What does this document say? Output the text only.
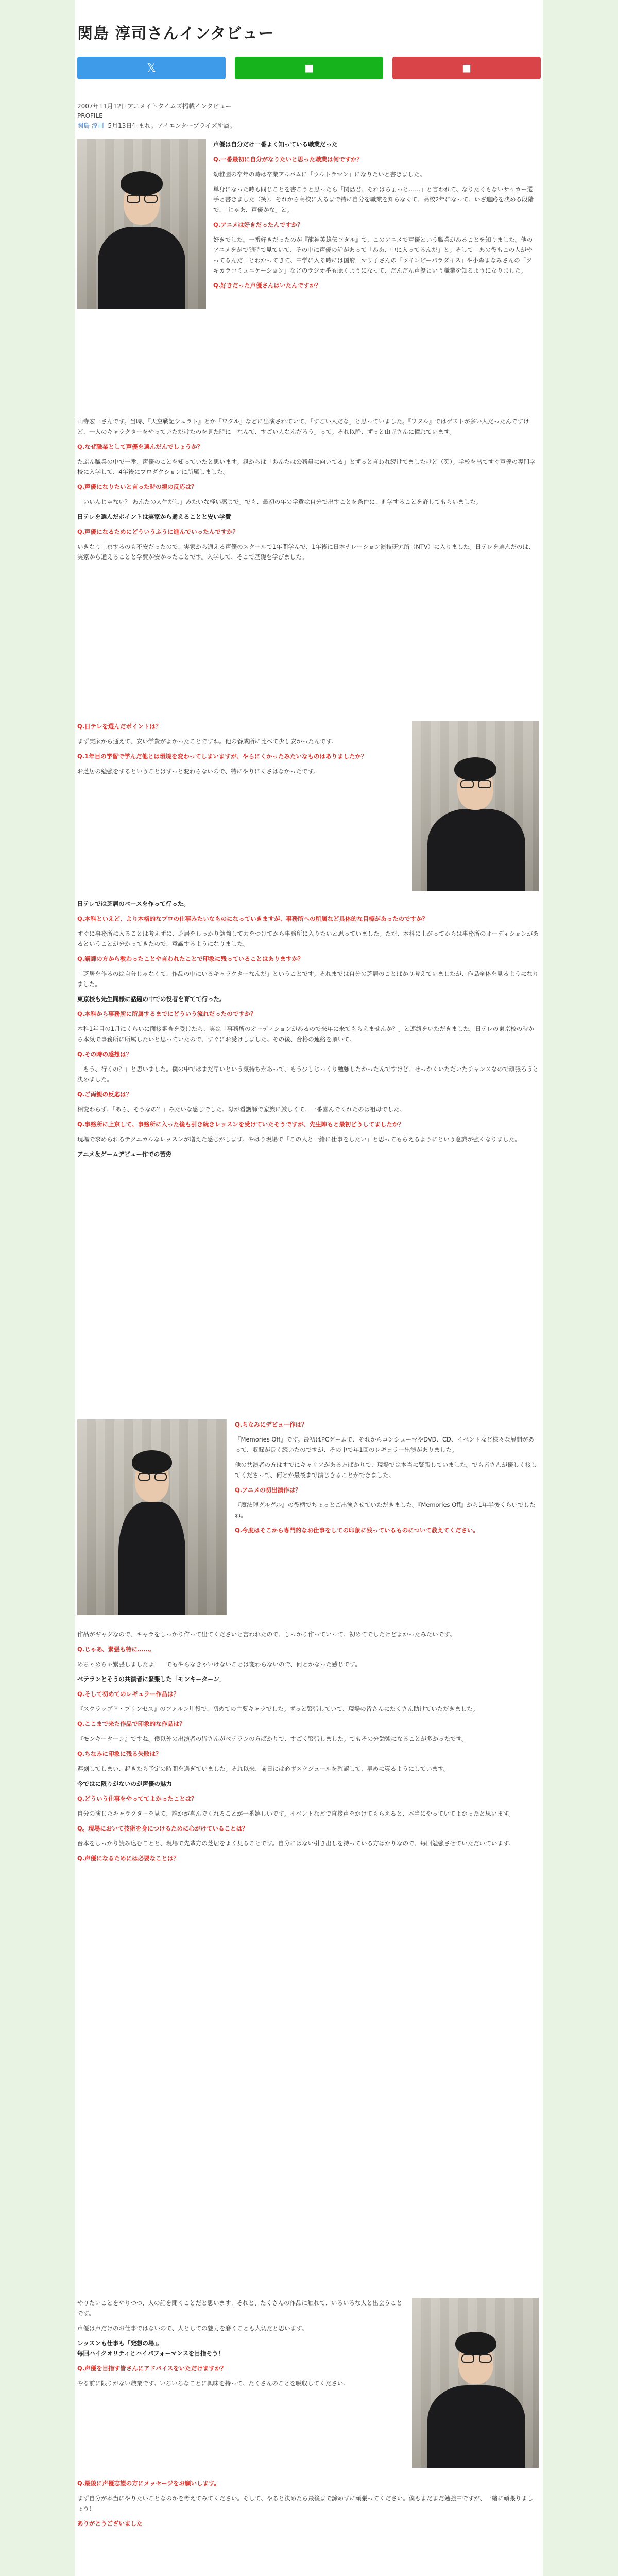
関島 淳司さんインタビュー
𝕏	◼	◼
2007年11月12日アニメイトタイムズ掲載インタビュー
PROFILE
関島 淳司 5月13日生まれ。アイエンターブライズ所属。

声優は自分だけ一番よく知っている職業だった

Q.一番最初に自分がなりたいと思った職業は何ですか？

幼稚園の卒年の時は卒業アルバムに「ウルトラマン」になりたいと書きました。

単身になった時も同じことを書こうと思ったら「関島君、それはちょっと……」と言われて、なりたくもないサッカー選手と書きました（笑）。それから高校に入るまで特に自分を職業を知らなくて、高校2年になって、いざ進路を決める段階で、「じゃあ、声優かな」と。

Q.アニメは好きだったんですか？

好きでした。一番好きだったのが『龍神英雄伝ワタル』で、このアニメで声優という職業があることを知りました。他のアニメをがで随時で見ていて、その中に声優の話があって「ああ、中に入ってるんだ」と。そして「あの役もこの人がやってるんだ」とわかってきて、中学に入る時には国府田マリ子さんの「ツインビーパラダイス」や小森まなみさんの「ツキカラコミュニケーション」などのラジオ番も聴くようになって、だんだん声優という職業を知るようになりました。

Q.好きだった声優さんはいたんですか？

山寺宏一さんです。当時、『天空戦記シュラト』とか『ワタル』などに出演されていて、「すごい人だな」と思っていました。『ワタル』ではゲストが多い人だったんですけど、一人のキャラクターをやっていただけたのを見た時に「なんて、すごい人なんだろう」って。それ以降、ずっと山寺さんに憧れています。

Q.なぜ職業として声優を選んだんでしょうか？

たぶん職業の中で一番、声優のことを知っていたと思います。親からは「あんたは公務員に向いてる」とずっと言われ続けてましたけど（笑）。学校を出てすぐ声優の専門学校に入学して、4年後にプロダクションに所属しました。

Q.声優になりたいと言った時の親の反応は？

「いいんじゃない？ あんたの人生だし」みたいな軽い感じで。でも、最初の年の学費は自分で出すことを条件に、進学することを許してもらいました。

日テレを選んだポイントは実家から通えることと安い学費

Q.声優になるためにどういうふうに進んでいったんですか？

いきなり上京するのも不安だったので、実家から通える声優のスクールで1年間学んで、1年後に日本ナレーション演技研究所（NTV）に入りました。日テレを選んだのは、実家から通えることと学費が安かったことです。入学して、そこで基礎を学びました。

Q.日テレを選んだポイントは？

まず実家から通えて、安い学費がよかったことですね。他の養成所に比べて少し安かったんです。

Q.1年目の学習で学んだ他とは環境を変わってしまいますが、やらにくかったみたいなものはありましたか？

お芝居の勉強をするということはずっと変わらないので、特にやりにくさはなかったです。

日テレでは芝居のベースを作って行った。

Q.本科といえど、より本格的なプロの仕事みたいなものになっていきますが、事務所への所属など具体的な目標があったのですか？

すぐに事務所に入ることは考えずに、芝居をしっかり勉強して力をつけてから事務所に入りたいと思っていました。ただ、本科に上がってからは事務所のオーディションがあるということが分かってきたので、意識するようになりました。

Q.講師の方から教わったことや言われたことで印象に残っていることはありますか？

「芝居を作るのは自分じゃなくて、作品の中にいるキャラクターなんだ」ということです。それまでは自分の芝居のことばかり考えていましたが、作品全体を見るようになりました。

東京校も先生同様に話題の中での役者を育てて行った。

Q.本科から事務所に所属するまでにどういう流れだったのですか？

本科1年目の1月にくらいに面接審査を受けたら、実は「事務所のオーディションがあるので来年に来てもらえませんか？」と連絡をいただきました。日テレの東京校の時から本気で事務所に所属したいと思っていたので、すぐにお受けしました。その後、合格の連絡を頂いて。

Q.その時の感想は？

「もう、行くの？」と思いました。僕の中ではまだ早いという気持ちがあって、もう少しじっくり勉強したかったんですけど、せっかくいただいたチャンスなので頑張ろうと決めました。

Q.ご両親の反応は？

相変わらず、「あら、そうなの？」みたいな感じでした。母が看護師で家族に厳しくて、一番喜んでくれたのは祖母でした。

Q.事務所に上京して、事務所に入った後も引き続きレッスンを受けていたそうですが、先生陣もと最初どうしてましたか？

現場で求められるテクニカルなレッスンが増えた感じがします。やはり現場で「この人と一緒に仕事をしたい」と思ってもらえるようにという意識が強くなりました。

アニメ＆ゲームデビュー作での苦労

Q.ちなみにデビュー作は？

『Memories Off』です。最初はPCゲームで、それからコンシューマやDVD、CD、イベントなど様々な展開があって、収録が長く続いたのですが、その中で年1回のレギュラー出演がありました。

他の共演者の方はすでにキャリアがある方ばかりで、現場では本当に緊張していました。でも皆さんが優しく接してくださって、何とか最後まで演じきることができました。

Q.アニメの初出演作は？

『魔法陣グルグル』の役柄でちょっとご出演させていただきました。『Memories Off』から1年半後くらいでしたね。

Q.今度はそこから専門的なお仕事をしての印象に残っているものについて教えてください。

作品がギャグなので、キャラをしっかり作って出てくださいと言われたので、しっかり作っていって、初めてでしたけどよかったみたいです。

Q.じゃあ、緊張も特に……。

めちゃめちゃ緊張しましたよ！　でもやらなきゃいけないことは変わらないので、何とかなった感じです。

ベテランとそうの共演者に緊張した「モンキーターン」

Q.そして初めてのレギュラー作品は？

『スクラップド・プリンセス』のフォルン川役で、初めての主要キャラでした。ずっと緊張していて、現場の皆さんにたくさん助けていただきました。

Q.ここまで来た作品で印象的な作品は？

『モンキーターン』ですね。僕以外の出演者の皆さんがベテランの方ばかりで、すごく緊張しました。でもその分勉強になることが多かったです。

Q.ちなみに印象に残る失敗は？

遅刻してしまい、起きたら予定の時間を過ぎていました。それ以来、前日には必ずスケジュールを確認して、早めに寝るようにしています。

今ではに限りがないのが声優の魅力

Q.どういう仕事をやっててよかったことは？

自分の演じたキャラクターを見て、誰かが喜んでくれることが一番嬉しいです。イベントなどで直接声をかけてもらえると、本当にやっていてよかったと思います。

Q。現場において技術を身につけるために心がけていることは？

台本をしっかり読み込むことと、現場で先輩方の芝居をよく見ることです。自分にはない引き出しを持っている方ばかりなので、毎回勉強させていただいています。

Q.声優になるためには必要なことは？

やりたいことをやりつつ、人の話を聞くことだと思います。それと、たくさんの作品に触れて、いろいろな人と出会うことです。

声優は声だけのお仕事ではないので、人としての魅力を磨くことも大切だと思います。

レッスンも仕事も「発想の場」。
毎回ハイクオリティとハイパフォーマンスを目指そう！

Q.声優を目指す皆さんにアドバイスをいただけますか？

やる前に限りがない職業です。いろいろなことに興味を持って、たくさんのことを吸収してください。

Q.最後に声優志望の方にメッセージをお願いします。

まず自分が本当にやりたいことなのかを考えてみてください。そして、やると決めたら最後まで諦めずに頑張ってください。僕もまだまだ勉強中ですが、一緒に頑張りましょう！

ありがとうございました
